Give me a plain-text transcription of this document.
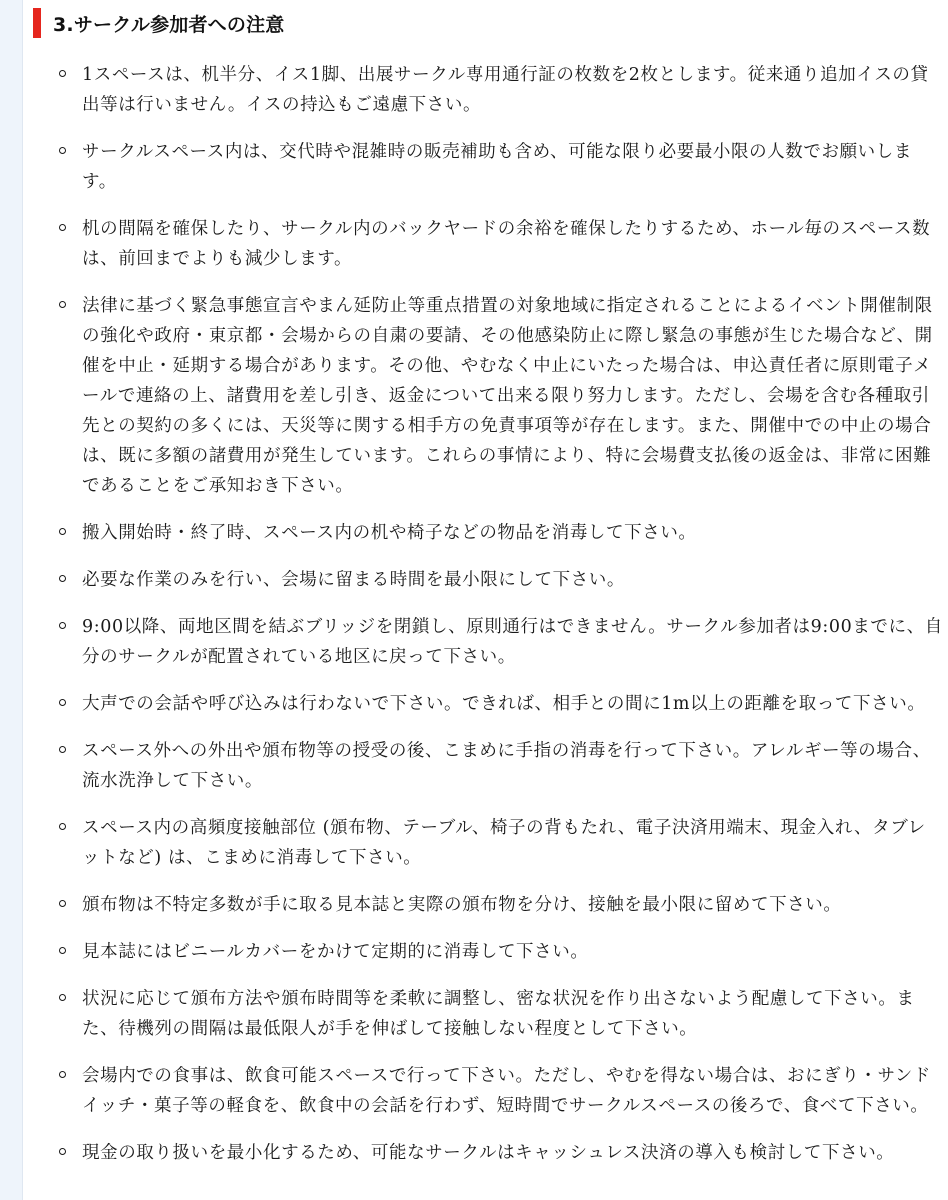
3.サークル参加者への注意
1スペースは、机半分、イス1脚、出展サークル専用通行証の枚数を2枚とします。従来通り追加イスの貸出等は行いません。イスの持込もご遠慮下さい。
サークルスペース内は、交代時や混雑時の販売補助も含め、可能な限り必要最小限の人数でお願いします。
机の間隔を確保したり、サークル内のバックヤードの余裕を確保したりするため、ホール毎のスペース数は、前回までよりも減少します。
法律に基づく緊急事態宣言やまん延防止等重点措置の対象地域に指定されることによるイベント開催制限の強化や政府・東京都・会場からの自粛の要請、その他感染防止に際し緊急の事態が生じた場合など、開催を中止・延期する場合があります。その他、やむなく中止にいたった場合は、申込責任者に原則電子メールで連絡の上、諸費用を差し引き、返金について出来る限り努力します。ただし、会場を含む各種取引先との契約の多くには、天災等に関する相手方の免責事項等が存在します。また、開催中での中止の場合は、既に多額の諸費用が発生しています。これらの事情により、特に会場費支払後の返金は、非常に困難であることをご承知おき下さい。
搬入開始時・終了時、スペース内の机や椅子などの物品を消毒して下さい。
必要な作業のみを行い、会場に留まる時間を最小限にして下さい。
9:00以降、両地区間を結ぶブリッジを閉鎖し、原則通行はできません。サークル参加者は9:00までに、自分のサークルが配置されている地区に戻って下さい。
大声での会話や呼び込みは行わないで下さい。できれば、相手との間に1m以上の距離を取って下さい。
スペース外への外出や頒布物等の授受の後、こまめに手指の消毒を行って下さい。アレルギー等の場合、流水洗浄して下さい。
スペース内の高頻度接触部位 (頒布物、テーブル、椅子の背もたれ、電子決済用端末、現金入れ、タブレットなど) は、こまめに消毒して下さい。
頒布物は不特定多数が手に取る見本誌と実際の頒布物を分け、接触を最小限に留めて下さい。
見本誌にはビニールカバーをかけて定期的に消毒して下さい。
状況に応じて頒布方法や頒布時間等を柔軟に調整し、密な状況を作り出さないよう配慮して下さい。また、待機列の間隔は最低限人が手を伸ばして接触しない程度として下さい。
会場内での食事は、飲食可能スペースで行って下さい。ただし、やむを得ない場合は、おにぎり・サンドイッチ・菓子等の軽食を、飲食中の会話を行わず、短時間でサークルスペースの後ろで、食べて下さい。
現金の取り扱いを最小化するため、可能なサークルはキャッシュレス決済の導入も検討して下さい。
